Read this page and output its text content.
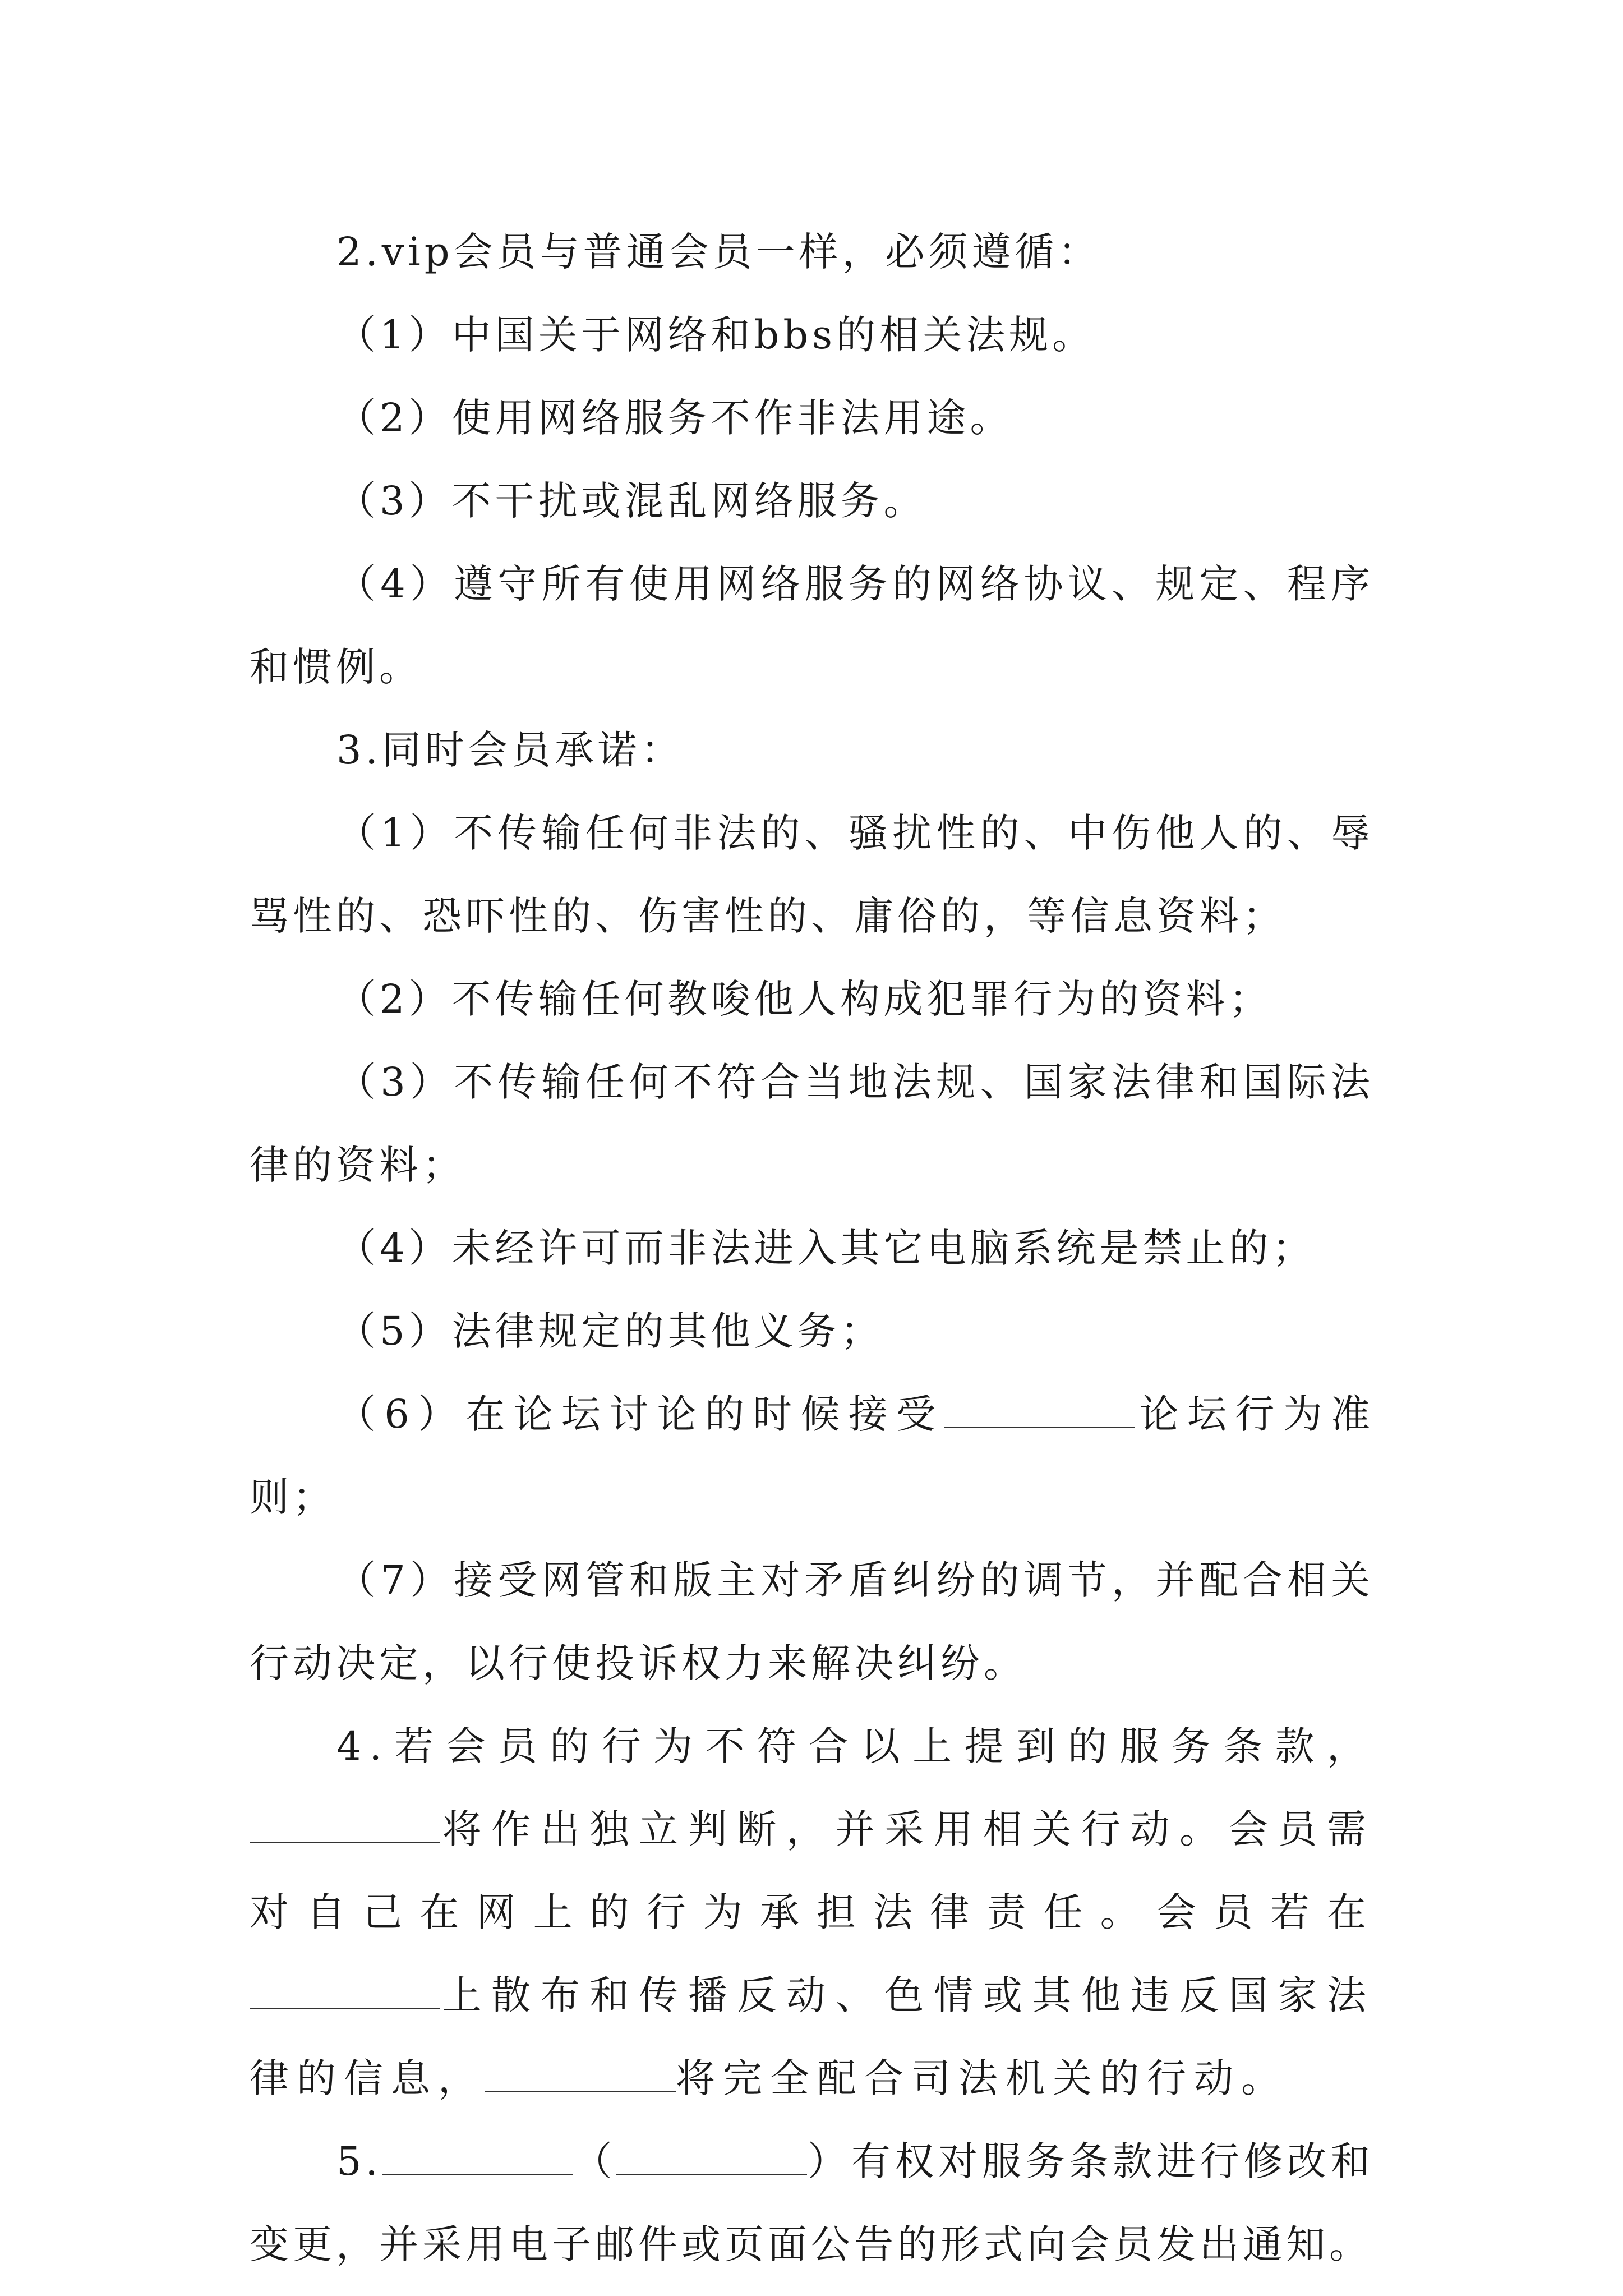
2.vip会员与普通会员一样，必须遵循：

（1）中国关于网络和bbs的相关法规。

（2）使用网络服务不作非法用途。

（3）不干扰或混乱网络服务。

（4）遵守所有使用网络服务的网络协议、规定、程序和惯例。

3.同时会员承诺：

（1）不传输任何非法的、骚扰性的、中伤他人的、辱骂性的、恐吓性的、伤害性的、庸俗的，等信息资料；

（2）不传输任何教唆他人构成犯罪行为的资料；

（3）不传输任何不符合当地法规、国家法律和国际法律的资料；

（4）未经许可而非法进入其它电脑系统是禁止的；

（5）法律规定的其他义务；

（6）在论坛讨论的时候接受	论坛行为准则；

（7）接受网管和版主对矛盾纠纷的调节，并配合相关行动决定，以行使投诉权力来解决纠纷。

4.若会员的行为不符合以上提到的服务条款，将作出独立判断，并采用相关行动。会员需对自己在网上的行为承担法律责任。会员若在上散布和传播反动、色情或其他违反国家法律的信息，	将完全配合司法机关的行动。

5.	（	）有权对服务条款进行修改和变更，并采用电子邮件或页面公告的形式向会员发出通知。
